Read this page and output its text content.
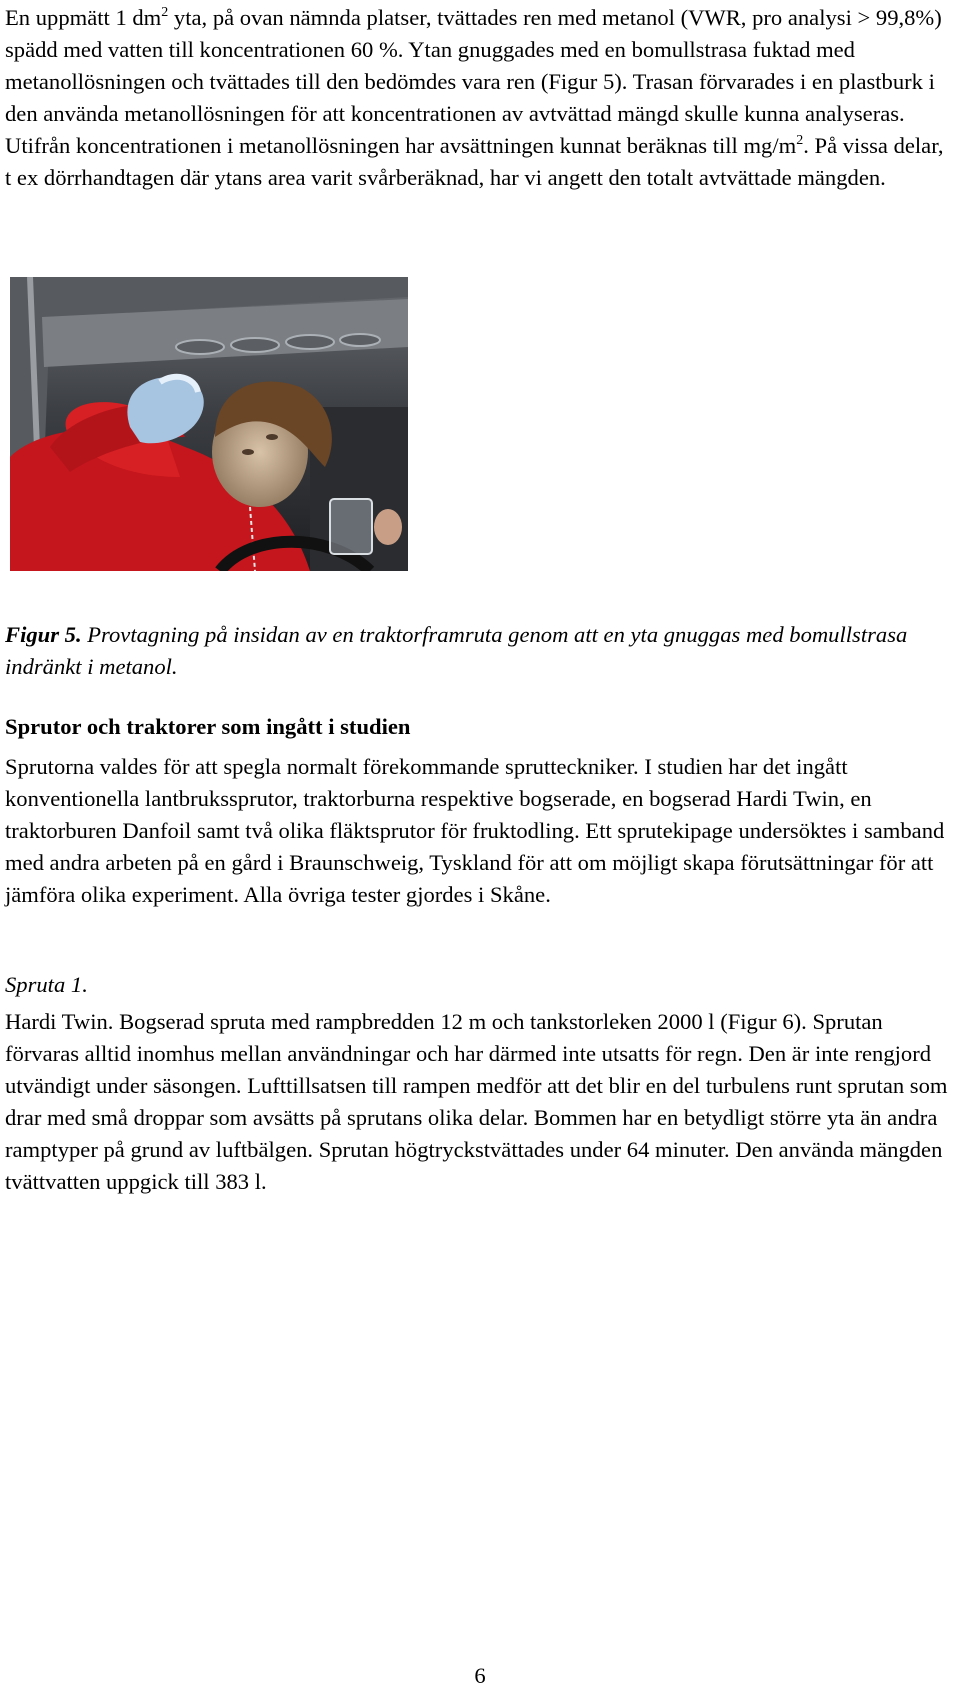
En uppmätt 1 $dm^2$ yta, på ovan nämnda platser, tvättades ren med metanol (VWR, pro analysi > 99,8%) spädd med vatten till koncentrationen 60 %. Ytan gnuggades med en bomullstrasa fuktad med metanollösningen och tvättades till den bedömdes vara ren (Figur 5). Trasan förvarades i en plastburk i den använda metanollösningen för att koncentrationen av avtvättad mängd skulle kunna analyseras. Utifrån koncentrationen i metanollösningen har avsättningen kunnat beräknas till $mg/m^2$. På vissa delar, t ex dörrhandtagen där ytans area varit svårberäknad, har vi angett den totalt avtvättade mängden.

Figur 5. Provtagning på insidan av en traktorframruta genom att en yta gnuggas med bomullstrasa indränkt i metanol.

Sprutor och traktorer som ingått i studien

Sprutorna valdes för att spegla normalt förekommande sprutteckniker. I studien har det ingått konventionella lantbrukssprutor, traktorburna respektive bogserade, en bogserad Hardi Twin, en traktorburen Danfoil samt två olika fläktsprutor för fruktodling. Ett sprutekipage undersöktes i samband med andra arbeten på en gård i Braunschweig, Tyskland för att om möjligt skapa förutsättningar för att jämföra olika experiment. Alla övriga tester gjordes i Skåne.

Spruta 1.

Hardi Twin. Bogserad spruta med rampbredden 12 m och tankstorleken 2000 l (Figur 6). Sprutan förvaras alltid inomhus mellan användningar och har därmed inte utsatts för regn. Den är inte rengjord utvändigt under säsongen. Lufttillsatsen till rampen medför att det blir en del turbulens runt sprutan som drar med små droppar som avsätts på sprutans olika delar. Bommen har en betydligt större yta än andra ramptyper på grund av luftbälgen. Sprutan högtryckstvättades under 64 minuter. Den använda mängden tvättvatten uppgick till 383 l.

6
